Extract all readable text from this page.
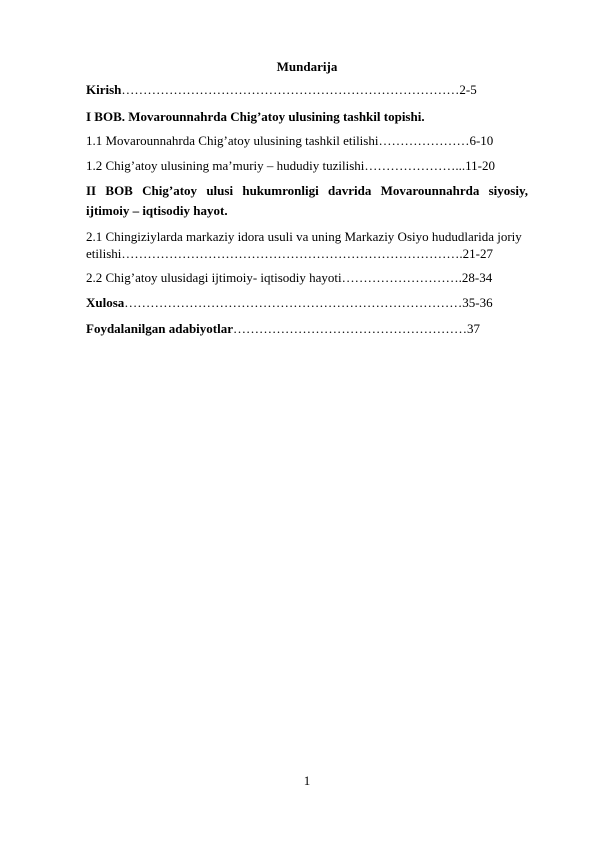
Mundarija
Kirish……………………………………………………………………2-5
I BOB. Movarounnahrda Chig’atoy ulusining tashkil topishi.
1.1 Movarounnahrda Chig’atoy ulusining tashkil etilishi…………………6-10
1.2 Chig’atoy ulusining ma’muriy – hududiy tuzilishi…………………...11-20
II BOB Chig’atoy ulusi hukumronligi davrida Movarounnahrda siyosiy, ijtimoiy – iqtisodiy hayot.
2.1 Chingiziylarda markaziy idora usuli va uning Markaziy Osiyo hududlarida joriy
etilishi…………………………………………………………………….21-27
2.2 Chig’atoy ulusidagi ijtimoiy- iqtisodiy hayoti……………………….28-34
Xulosa……………………………………………………………………35-36
Foydalanilgan adabiyotlar………………………………………………37
1
